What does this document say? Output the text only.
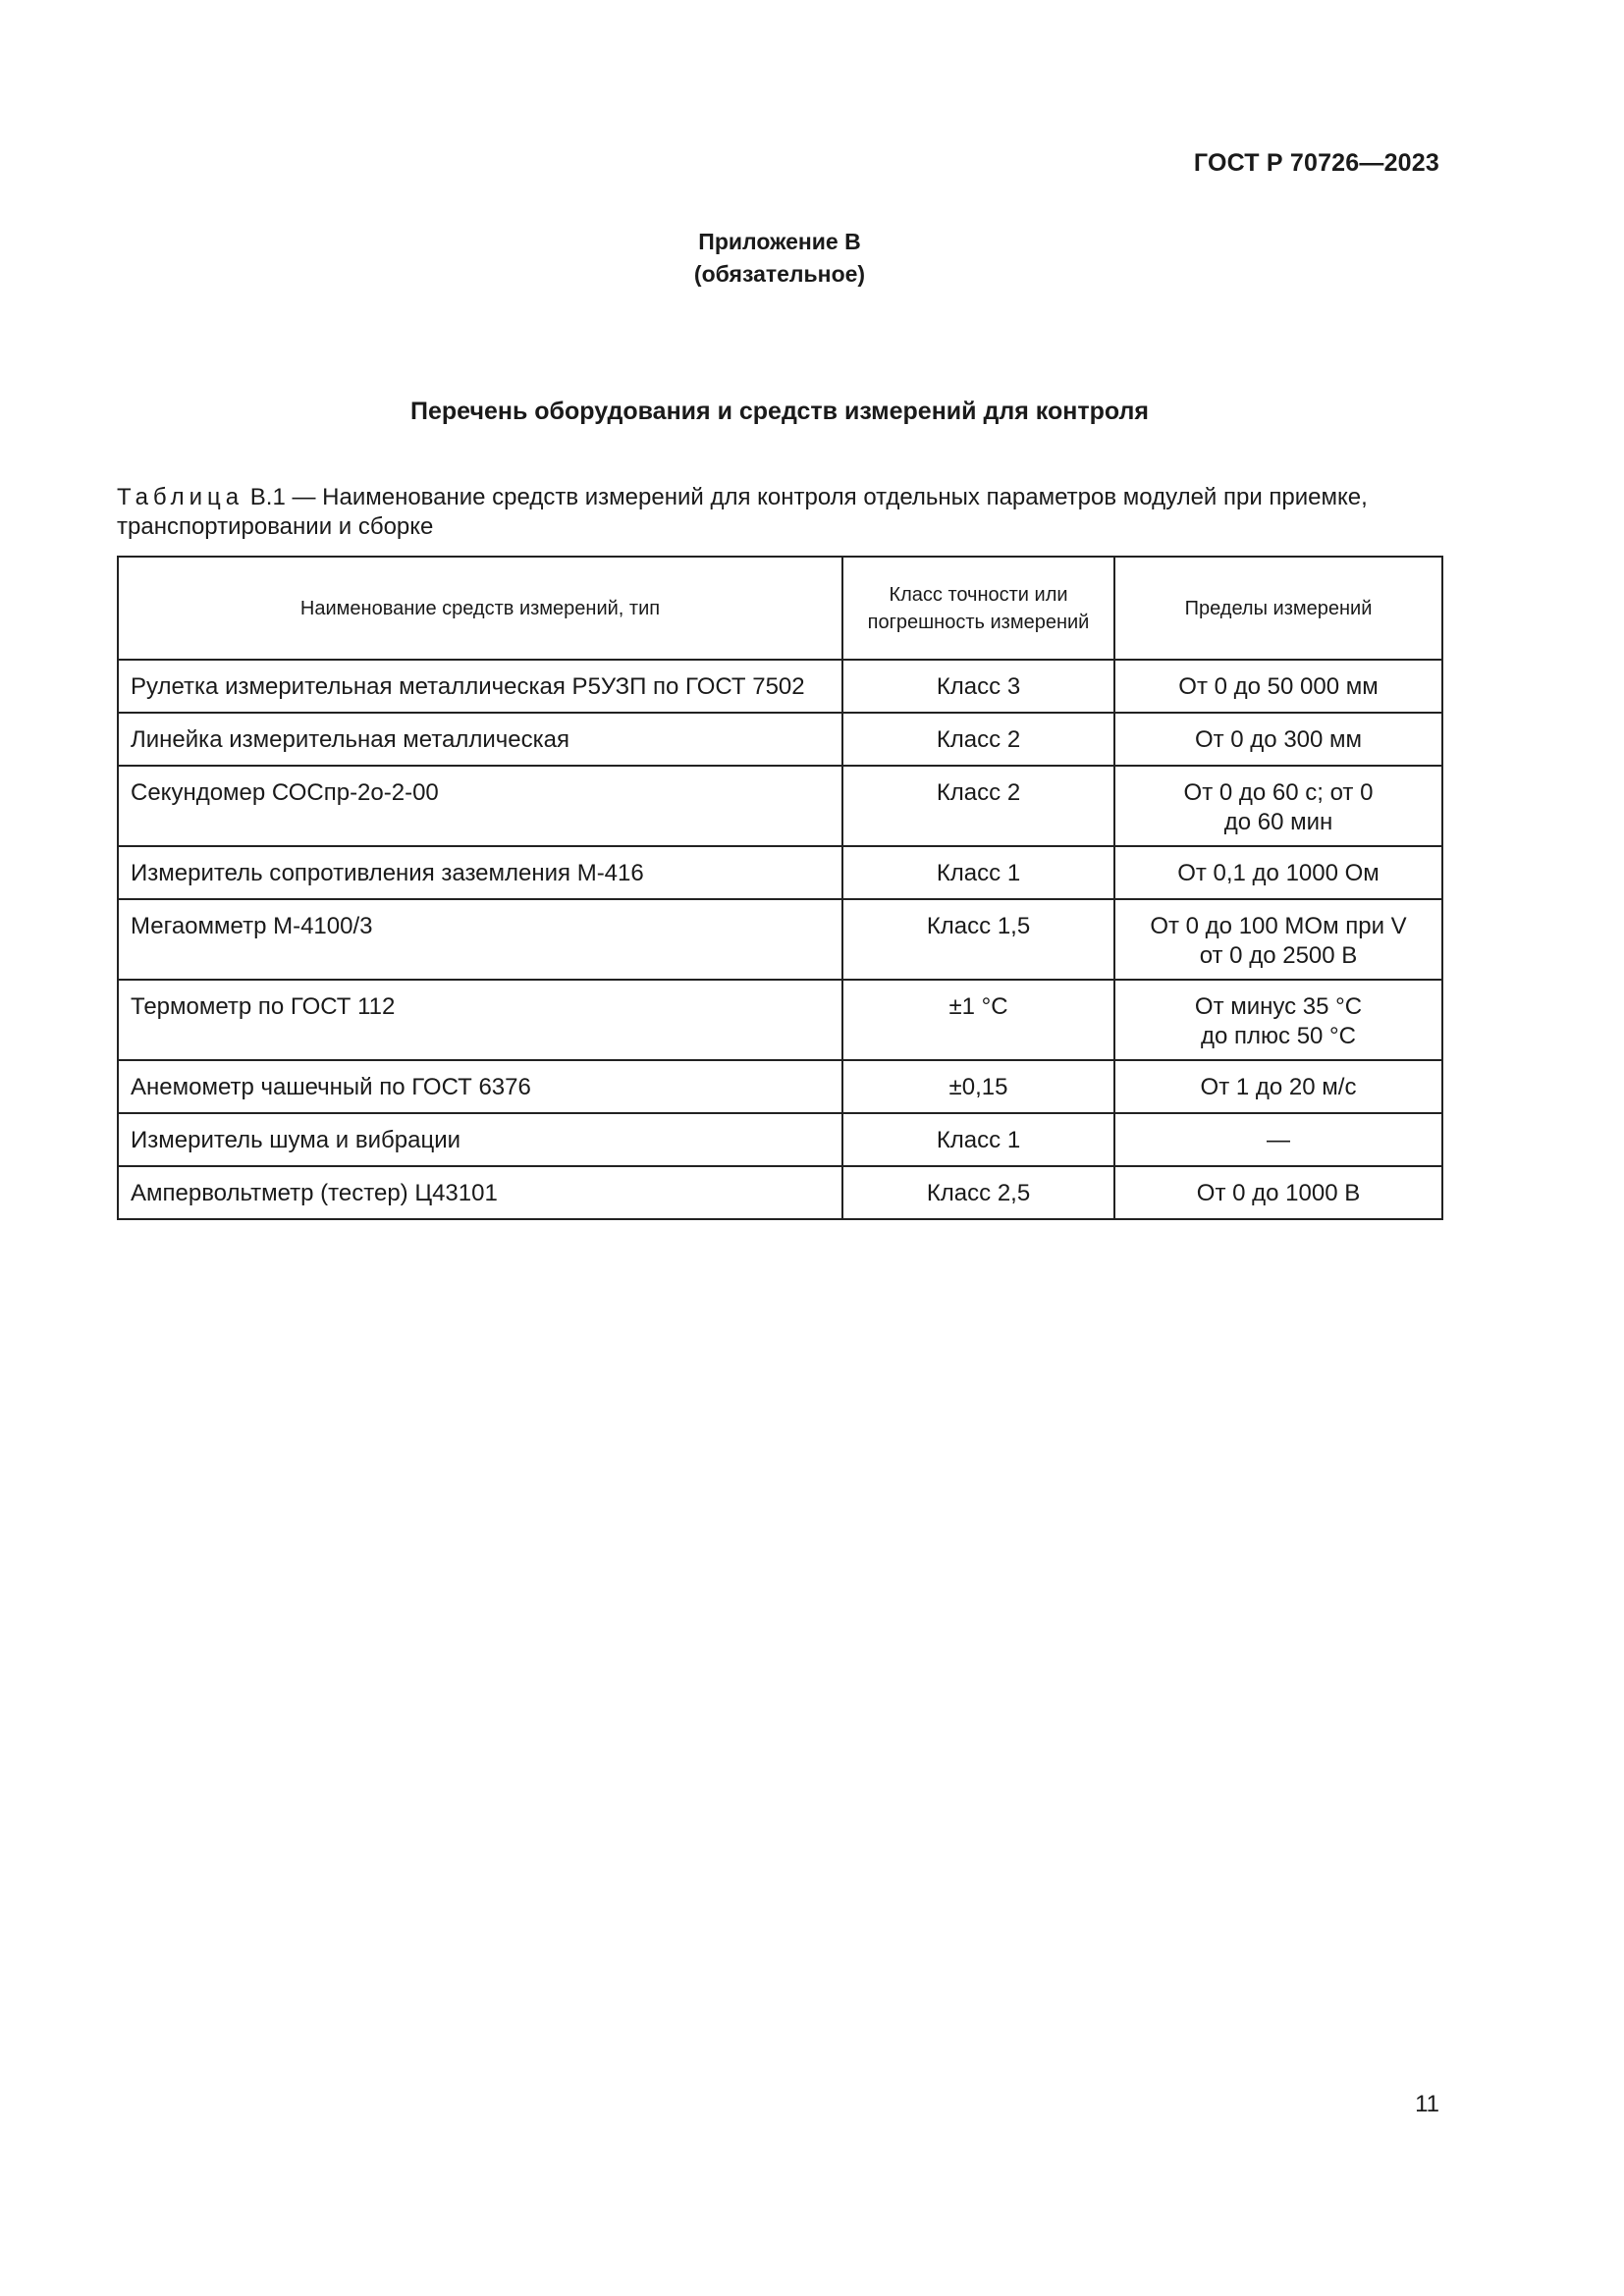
ГОСТ Р 70726—2023
Приложение В
(обязательное)
Перечень оборудования и средств измерений для контроля
Таблица В.1 — Наименование средств измерений для контроля отдельных параметров модулей при приемке,
транспортировании и сборке
Наименование средств измерений, тип	Класс точности или погрешность измерений	Пределы измерений
Рулетка измерительная металлическая Р5УЗП по ГОСТ 7502	Класс 3	От 0 до 50 000 мм
Линейка измерительная металлическая	Класс 2	От 0 до 300 мм
Секундомер СОСпр-2о-2-00	Класс 2	От 0 до 60 с; от 0
до 60 мин
Измеритель сопротивления заземления М-416	Класс 1	От 0,1 до 1000 Ом
Мегаомметр М-4100/3	Класс 1,5	От 0 до 100 МОм при V
от 0 до 2500 В
Термометр по ГОСТ 112	±1 °С	От минус 35 °С
до плюс 50 °С
Анемометр чашечный по ГОСТ 6376	±0,15	От 1 до 20 м/с
Измеритель шума и вибрации	Класс 1	—
Ампервольтметр (тестер) Ц43101	Класс 2,5	От 0 до 1000 В
11
